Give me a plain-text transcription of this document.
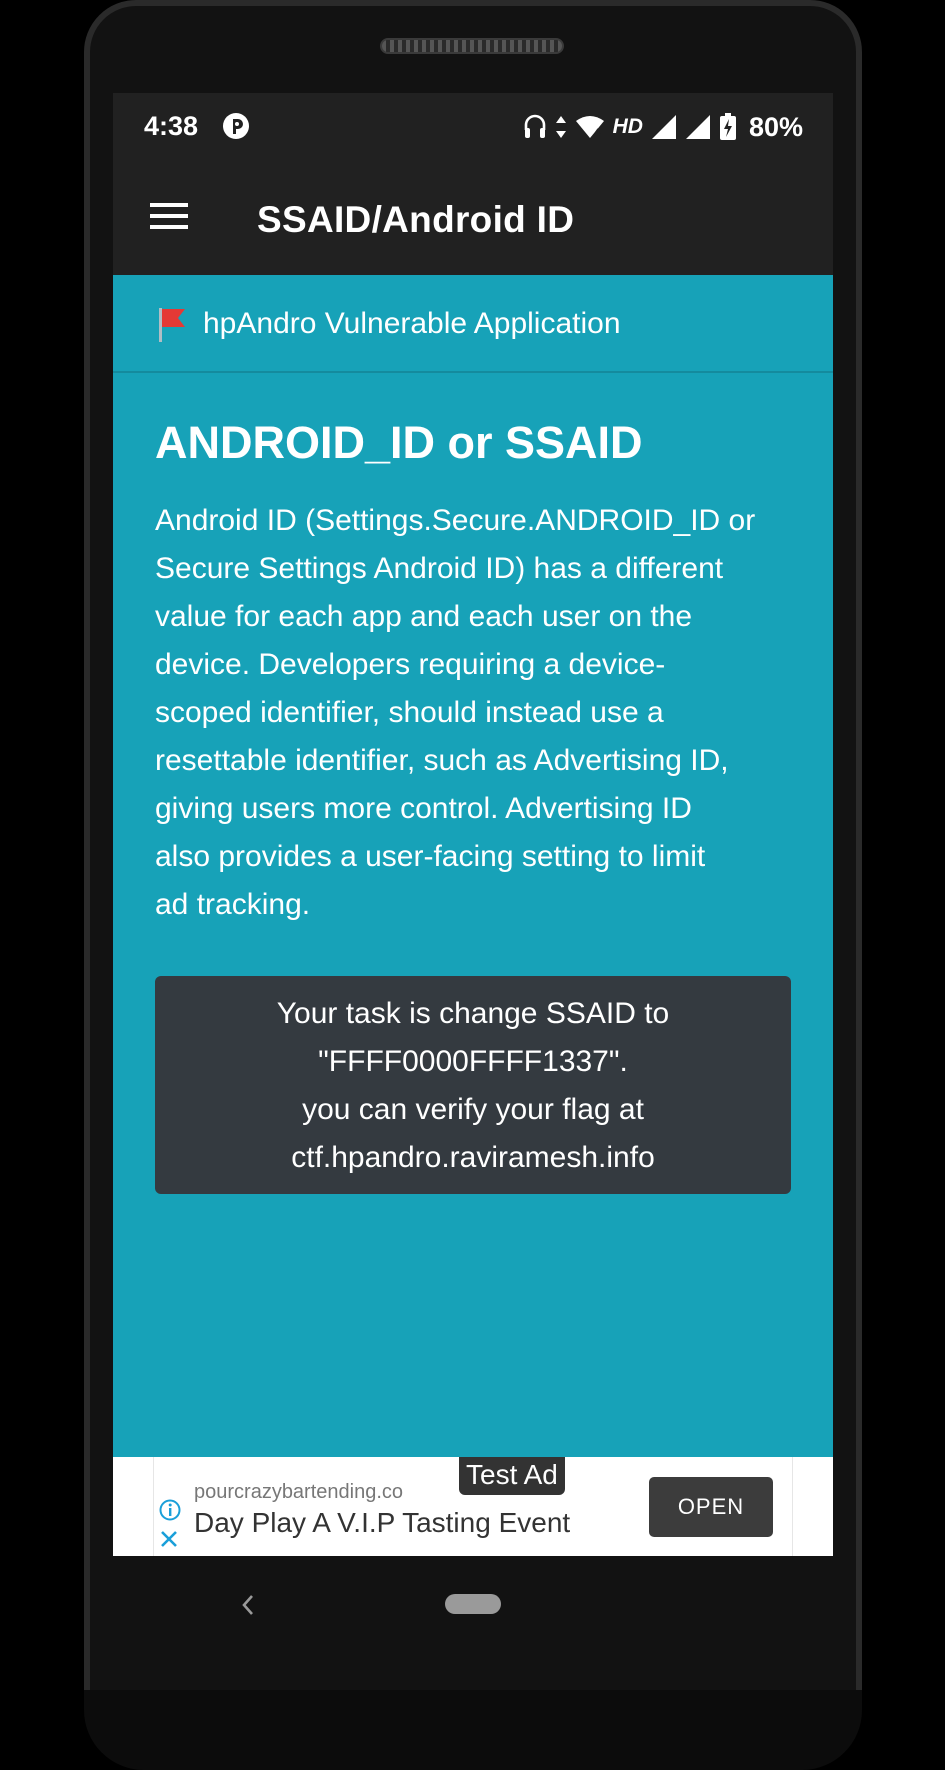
4:38	4 HD	80%
SSAID/Android ID
hpAndro Vulnerable Application
ANDROID_ID or SSAID
Android ID (Settings.Secure.ANDROID_ID or
Secure Settings Android ID) has a different
value for each app and each user on the
device. Developers requiring a device-
scoped identifier, should instead use a
resettable identifier, such as Advertising ID,
giving users more control. Advertising ID
also provides a user-facing setting to limit
ad tracking.
Your task is change SSAID to
"FFFF0000FFFF1337".
you can verify your flag at
ctf.hpandro.raviramesh.info
pourcrazybartending.co
Day Play A V.I.P Tasting Event
OPEN
Test Ad
